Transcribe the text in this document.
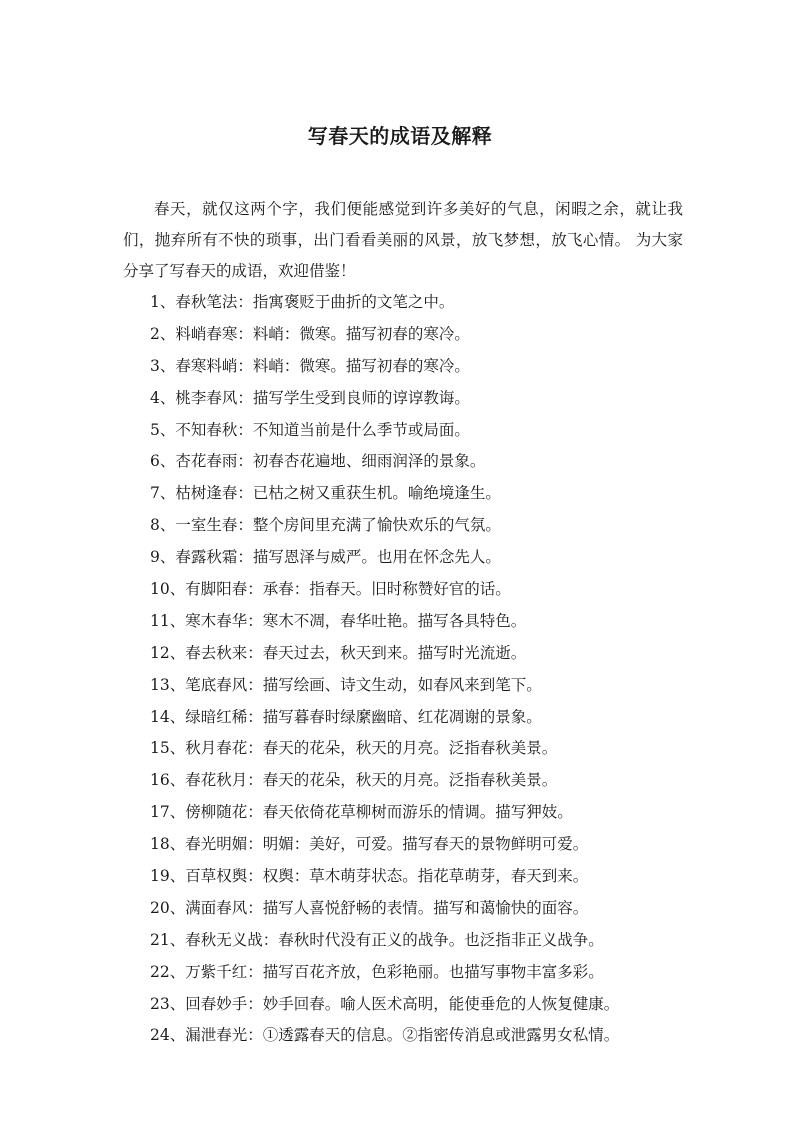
写春天的成语及解释
春天，就仅这两个字，我们便能感觉到许多美好的气息，闲暇之余，就让我们，抛弃所有不快的琐事，出门看看美丽的风景，放飞梦想，放飞心情。 为大家分享了写春天的成语，欢迎借鉴！
1、春秋笔法：指寓褒贬于曲折的文笔之中。
2、料峭春寒：料峭：微寒。描写初春的寒冷。
3、春寒料峭：料峭：微寒。描写初春的寒冷。
4、桃李春风：描写学生受到良师的谆谆教诲。
5、不知春秋：不知道当前是什么季节或局面。
6、杏花春雨：初春杏花遍地、细雨润泽的景象。
7、枯树逢春：已枯之树又重获生机。喻绝境逢生。
8、一室生春：整个房间里充满了愉快欢乐的气氛。
9、春露秋霜：描写恩泽与威严。也用在怀念先人。
10、有脚阳春：承春：指春天。旧时称赞好官的话。
11、寒木春华：寒木不凋，春华吐艳。描写各具特色。
12、春去秋来：春天过去，秋天到来。描写时光流逝。
13、笔底春风：描写绘画、诗文生动，如春风来到笔下。
14、绿暗红稀：描写暮春时绿縻幽暗、红花凋谢的景象。
15、秋月春花：春天的花朵，秋天的月亮。泛指春秋美景。
16、春花秋月：春天的花朵，秋天的月亮。泛指春秋美景。
17、傍柳随花：春天依倚花草柳树而游乐的情调。描写狎妓。
18、春光明媚：明媚：美好，可爱。描写春天的景物鲜明可爱。
19、百草权舆：权舆：草木萌芽状态。指花草萌芽，春天到来。
20、满面春风：描写人喜悦舒畅的表情。描写和蔼愉快的面容。
21、春秋无义战：春秋时代没有正义的战争。也泛指非正义战争。
22、万紫千红：描写百花齐放，色彩艳丽。也描写事物丰富多彩。
23、回春妙手：妙手回春。喻人医术高明，能使垂危的人恢复健康。
24、漏泄春光：①透露春天的信息。②指密传消息或泄露男女私情。
